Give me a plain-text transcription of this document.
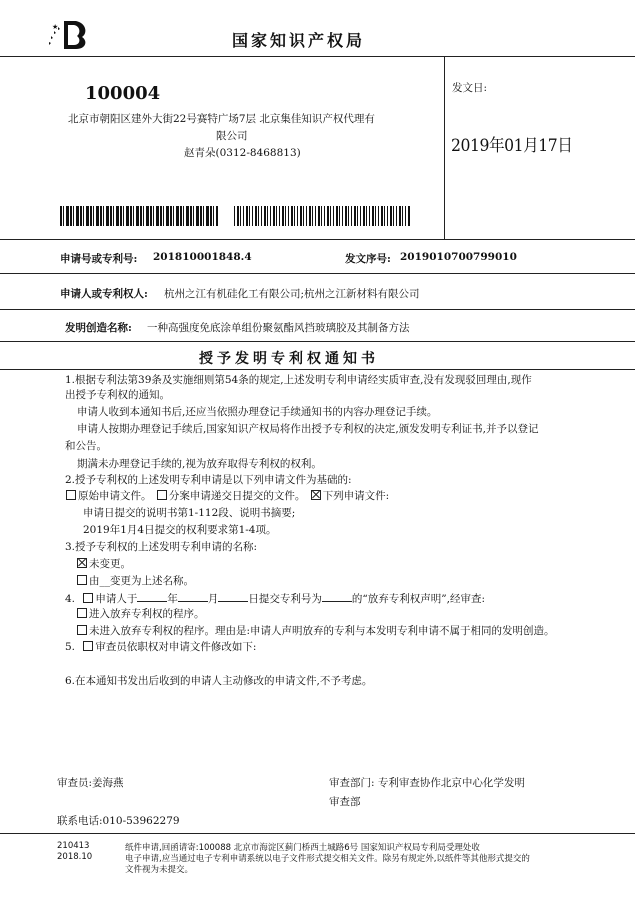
★
国家知识产权局
100004
北京市朝阳区建外大街22号赛特广场7层 北京集佳知识产权代理有
限公司
赵青朵(0312-8468813)
发文日:
2019年01月17日
申请号或专利号: 201810001848.4	发文序号: 2019010700799010
申请人或专利权人: 杭州之江有机硅化工有限公司;杭州之江新材料有限公司
发明创造名称: 一种高强度免底涂单组份聚氨酯风挡玻璃胶及其制备方法
授予发明专利权通知书
1.根据专利法第39条及实施细则第54条的规定,上述发明专利申请经实质审查,没有发现驳回理由,现作
出授予专利权的通知。
申请人收到本通知书后,还应当依照办理登记手续通知书的内容办理登记手续。
申请人按期办理登记手续后,国家知识产权局将作出授予专利权的决定,颁发发明专利证书,并予以登记
和公告。
期满未办理登记手续的,视为放弃取得专利权的权利。
2.授予专利权的上述发明专利申请是以下列申请文件为基础的:
原始申请文件。 分案申请递交日提交的文件。 下列申请文件:
申请日提交的说明书第1-112段、说明书摘要;
2019年1月4日提交的权利要求第1-4项。
3.授予专利权的上述发明专利申请的名称:
未变更。
由__变更为上述名称。
4. 申请人于	年	月	日提交专利号为	的“放弃专利权声明”,经审查:
进入放弃专利权的程序。
未进入放弃专利权的程序。理由是:申请人声明放弃的专利与本发明专利申请不属于相同的发明创造。
5. 审查员依职权对申请文件修改如下:
6.在本通知书发出后收到的申请人主动修改的申请文件,不予考虑。
审查员:姜海燕	审查部门: 专利审查协作北京中心化学发明
审查部
联系电话:010-53962279
210413
2018.10
纸件申请,回函请寄:100088 北京市海淀区蓟门桥西土城路6号 国家知识产权局专利局受理处收
电子申请,应当通过电子专利申请系统以电子文件形式提交相关文件。除另有规定外,以纸件等其他形式提交的
文件视为未提交。
